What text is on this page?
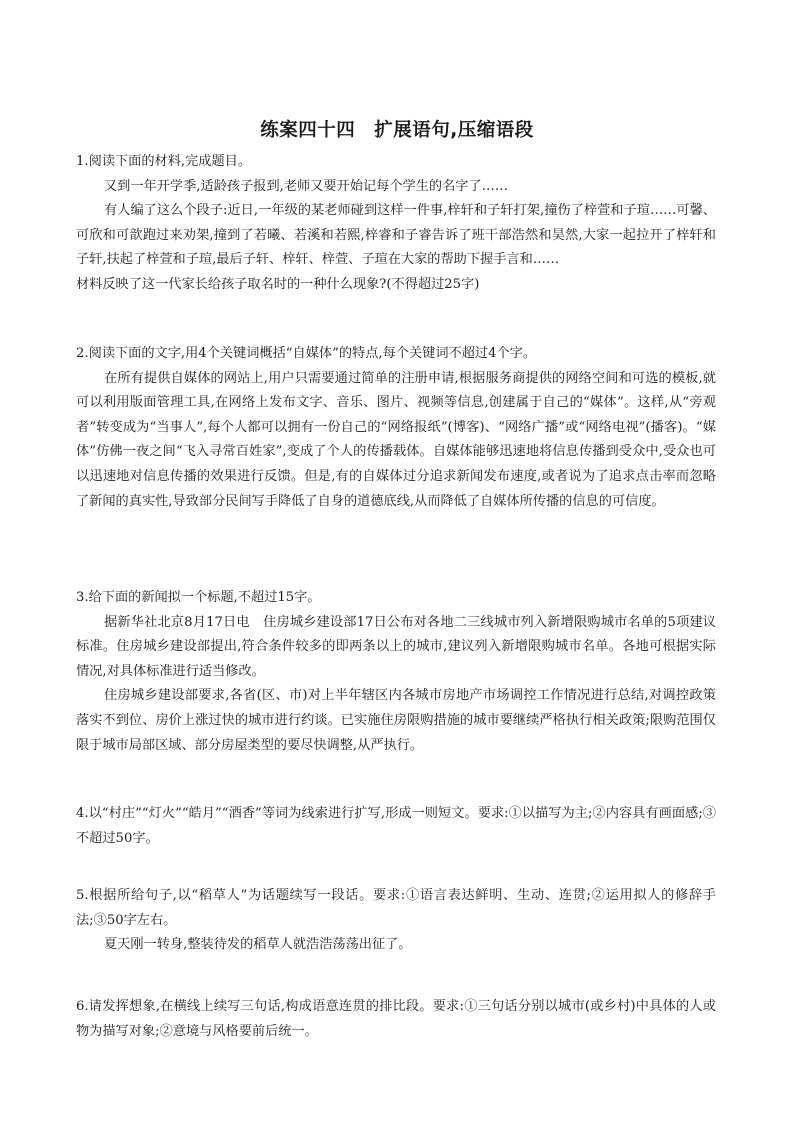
练案四十四　扩展语句,压缩语段

1.阅读下面的材料,完成题目。

又到一年开学季,适龄孩子报到,老师又要开始记每个学生的名字了……

有人编了这么个段子:近日,一年级的某老师碰到这样一件事,梓轩和子轩打架,撞伤了梓萱和子瑄……可馨、可欣和可歆跑过来劝架,撞到了若曦、若溪和若熙,梓睿和子睿告诉了班干部浩然和昊然,大家一起拉开了梓轩和子轩,扶起了梓萱和子瑄,最后子轩、梓轩、梓萱、子瑄在大家的帮助下握手言和……

材料反映了这一代家长给孩子取名时的一种什么现象?(不得超过25字)

2.阅读下面的文字,用4个关键词概括“自媒体”的特点,每个关键词不超过4个字。

在所有提供自媒体的网站上,用户只需要通过简单的注册申请,根据服务商提供的网络空间和可选的模板,就可以利用版面管理工具,在网络上发布文字、音乐、图片、视频等信息,创建属于自己的“媒体”。这样,从“旁观者”转变成为“当事人”,每个人都可以拥有一份自己的“网络报纸”(博客)、“网络广播”或“网络电视”(播客)。“媒体”仿佛一夜之间“飞入寻常百姓家”,变成了个人的传播载体。自媒体能够迅速地将信息传播到受众中,受众也可以迅速地对信息传播的效果进行反馈。但是,有的自媒体过分追求新闻发布速度,或者说为了追求点击率而忽略了新闻的真实性,导致部分民间写手降低了自身的道德底线,从而降低了自媒体所传播的信息的可信度。

3.给下面的新闻拟一个标题,不超过15字。

据新华社北京8月17日电　住房城乡建设部17日公布对各地二三线城市列入新增限购城市名单的5项建议标准。住房城乡建设部提出,符合条件较多的即两条以上的城市,建议列入新增限购城市名单。各地可根据实际情况,对具体标准进行适当修改。

住房城乡建设部要求,各省(区、市)对上半年辖区内各城市房地产市场调控工作情况进行总结,对调控政策落实不到位、房价上涨过快的城市进行约谈。已实施住房限购措施的城市要继续严格执行相关政策;限购范围仅限于城市局部区域、部分房屋类型的要尽快调整,从严执行。

4.以“村庄”“灯火”“皓月”“酒香”等词为线索进行扩写,形成一则短文。要求:①以描写为主;②内容具有画面感;③不超过50字。

5.根据所给句子,以“稻草人”为话题续写一段话。要求:①语言表达鲜明、生动、连贯;②运用拟人的修辞手法;③50字左右。

夏天刚一转身,整装待发的稻草人就浩浩荡荡出征了。

6.请发挥想象,在横线上续写三句话,构成语意连贯的排比段。要求:①三句话分别以城市(或乡村)中具体的人或物为描写对象;②意境与风格要前后统一。
